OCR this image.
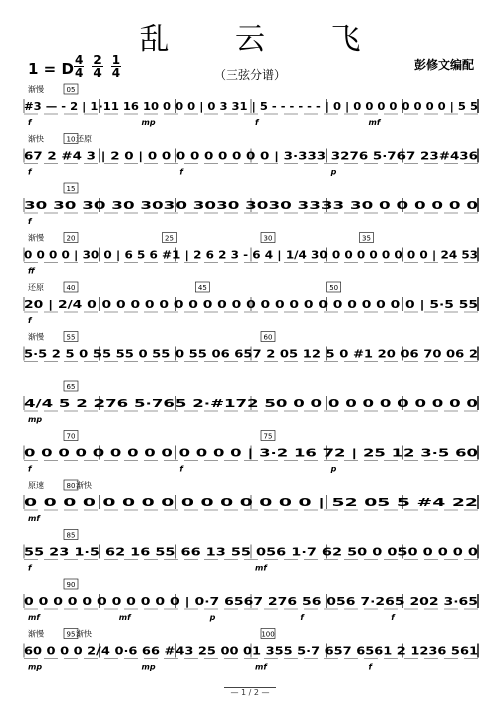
乱 云 飞
1 = D $\frac{4}{4} \frac{2}{4} \frac{1}{4}$	（三弦分谱）
彭修文编配
渐慢	05
#3 — - 2 | 1·11 16 10 0 0 0 | 0 3 31 | 5 - - - - - - | 0 | 0 0 0 0 0 0 0 0 | 5 5
f	mp	f	mf
渐快	还原
10
67 2 #4 3 | 2 0 | 0 0 0 0 0 0 0 0 0 | 3·333 3276 5·767 23#436
f	f	p
15
30 30 30 30 3030 3030 3030 3333 30 0 0 0 0 0 0
f
渐慢	20	25	30	35
0 0 0 0 | 30 0 | 6 5 6 #1 | 2 6 2 3 - 6 4 | 1/4 30 0 0 0 0 0 0 0 0 | 24 53
ff
还原	40	45	50
20 | 2/4 0 0 0 0 0 0 0 0 0 0 0 0 0 0 0 0 0 0 0 0 0 0 0 | 5·5 55
f
渐慢	55	60
5·5 2 5 0 55 55 0 55 0 55 06 657 2 05 12 5 0 #1 20 06 70 06 2
65
4/4 5 2 276 5·765 2·#172 50 0 0 0 0 0 0 0 0 0 0 0
mp
70	75
0 0 0 0 0 0 0 0 0 0 0 0 0 | 3·2 16 72 | 25 12 3·5 60
f	f	p
原速	渐快
80
0 0 0 0 0 0 0 0 0 0 0 0 0 0 0 | 52 05 5 #4 22
mf
85
55 23 1·5 62 16 55 66 13 55 056 1·7 62 50 0 050 0 0 0 0
f	mf
90
0 0 0 0 0 0 0 0 0 0 0 | 0·7 6567 276 56 056 7·265 202 3·65
mf	mf	p	f	f
渐慢	渐快
95	100
60 0 0 0 2/4 0·6 66 #43 25 00 01 355 5·7 657 6561 2 1236 561
mp	mp	mf	f
— 1 / 2 —
